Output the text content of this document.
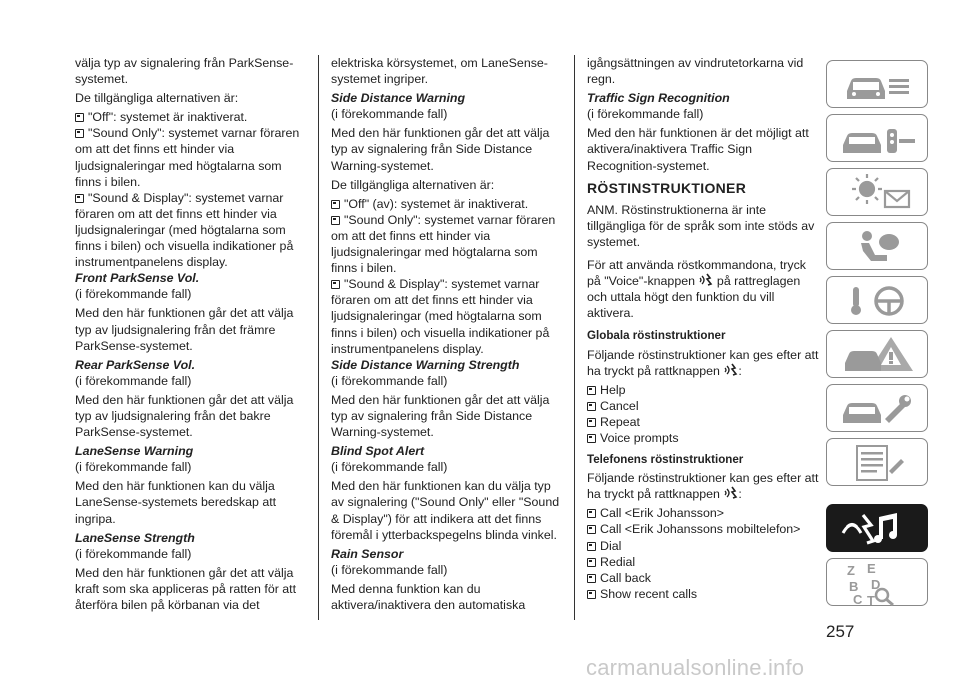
välja typ av signalering från ParkSense-systemet.

De tillgängliga alternativen är:

"Off": systemet är inaktiverat.

"Sound Only": systemet varnar föraren om att det finns ett hinder via ljudsignaleringar med högtalarna som finns i bilen.

"Sound & Display": systemet varnar föraren om att det finns ett hinder via ljudsignaleringar (med högtalarna som finns i bilen) och visuella indikationer på instrumentpanelens display.

Front ParkSense Vol.

(i förekommande fall)

Med den här funktionen går det att välja typ av ljudsignalering från det främre ParkSense-systemet.

Rear ParkSense Vol.

(i förekommande fall)

Med den här funktionen går det att välja typ av ljudsignalering från det bakre ParkSense-systemet.

LaneSense Warning

(i förekommande fall)

Med den här funktionen kan du välja LaneSense-systemets beredskap att ingripa.

LaneSense Strength

(i förekommande fall)

Med den här funktionen går det att välja kraft som ska appliceras på ratten för att återföra bilen på körbanan via det

elektriska körsystemet, om LaneSense-systemet ingriper.

Side Distance Warning

(i förekommande fall)

Med den här funktionen går det att välja typ av signalering från Side Distance Warning-systemet.

De tillgängliga alternativen är:

"Off" (av): systemet är inaktiverat.

"Sound Only": systemet varnar föraren om att det finns ett hinder via ljudsignaleringar med högtalarna som finns i bilen.

"Sound & Display": systemet varnar föraren om att det finns ett hinder via ljudsignaleringar (med högtalarna som finns i bilen) och visuella indikationer på instrumentpanelens display.

Side Distance Warning Strength

(i förekommande fall)

Med den här funktionen går det att välja typ av signalering från Side Distance Warning-systemet.

Blind Spot Alert

(i förekommande fall)

Med den här funktionen kan du välja typ av signalering ("Sound Only" eller "Sound & Display") för att indikera att det finns föremål i ytterbackspegelns blinda vinkel.

Rain Sensor

(i förekommande fall)

Med denna funktion kan du aktivera/inaktivera den automatiska

igångsättningen av vindrutetorkarna vid regn.

Traffic Sign Recognition

(i förekommande fall)

Med den här funktionen är det möjligt att aktivera/inaktivera Traffic Sign Recognition-systemet.

RÖSTINSTRUKTIONER

ANM. Röstinstruktionerna är inte tillgängliga för de språk som inte stöds av systemet.

För att använda röstkommandona, tryck på "Voice"-knappen på rattreglagen och uttala högt den funktion du vill aktivera.

Globala röstinstruktioner

Följande röstinstruktioner kan ges efter att ha tryckt på rattknappen :

Help

Cancel

Repeat

Voice prompts

Telefonens röstinstruktioner

Följande röstinstruktioner kan ges efter att ha tryckt på rattknappen :

Call <Erik Johansson>

Call <Erik Johanssons mobiltelefon>

Dial

Redial

Call back

Show recent calls

Z E
B D
C T
257
carmanualsonline.info
